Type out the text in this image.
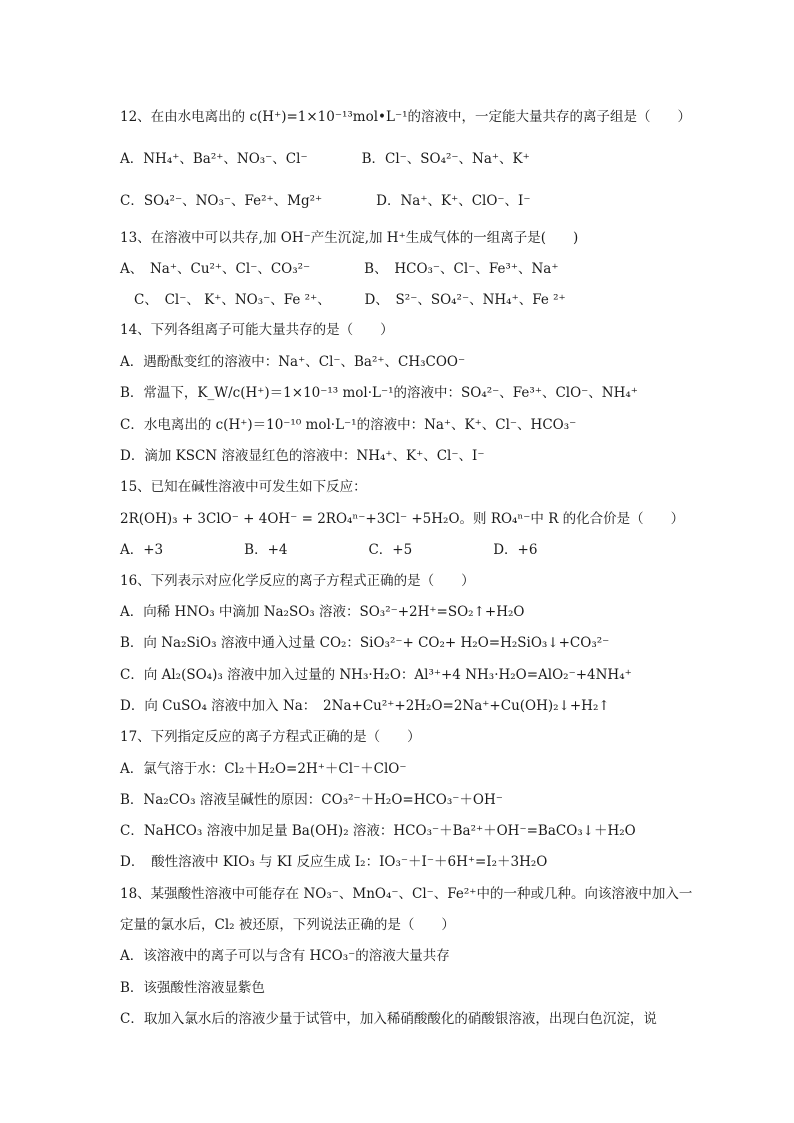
12、在由水电离出的 c(H⁺)=1×10⁻¹³mol•L⁻¹的溶液中，一定能大量共存的离子组是（　　）
A．NH₄⁺、Ba²⁺、NO₃⁻、Cl⁻　　　　B．Cl⁻、SO₄²⁻、Na⁺、K⁺
C．SO₄²⁻、NO₃⁻、Fe²⁺、Mg²⁺　　　　D．Na⁺、K⁺、ClO⁻、I⁻
13、在溶液中可以共存,加 OH⁻产生沉淀,加 H⁺生成气体的一组离子是(　　)
A、　Na⁺、Cu²⁺、Cl⁻、CO₃²⁻　　　　B、　HCO₃⁻、Cl⁻、Fe³⁺、Na⁺
C、　Cl⁻、 K⁺、NO₃⁻、Fe ²⁺、　　　D、　S²⁻、SO₄²⁻、NH₄⁺、Fe ²⁺
14、下列各组离子可能大量共存的是（　　）
A．遇酚酞变红的溶液中：Na⁺、Cl⁻、Ba²⁺、CH₃COO⁻
B．常温下，K_W/c(H⁺)＝1×10⁻¹³ mol·L⁻¹的溶液中：SO₄²⁻、Fe³⁺、ClO⁻、NH₄⁺
C．水电离出的 c(H⁺)＝10⁻¹⁰ mol·L⁻¹的溶液中：Na⁺、K⁺、Cl⁻、HCO₃⁻
D．滴加 KSCN 溶液显红色的溶液中：NH₄⁺、K⁺、Cl⁻、I⁻
15、已知在碱性溶液中可发生如下反应：
2R(OH)₃ + 3ClO⁻ + 4OH⁻ = 2RO₄ⁿ⁻+3Cl⁻ +5H₂O。则 RO₄ⁿ⁻中 R 的化合价是（　　）
A．+3　　　　　　B．+4　　　　　　C．+5　　　　　　D．+6
16、下列表示对应化学反应的离子方程式正确的是（　　）
A．向稀 HNO₃ 中滴加 Na₂SO₃ 溶液：SO₃²⁻+2H⁺=SO₂↑+H₂O
B．向 Na₂SiO₃ 溶液中通入过量 CO₂：SiO₃²⁻+ CO₂+ H₂O=H₂SiO₃↓+CO₃²⁻
C．向 Al₂(SO₄)₃ 溶液中加入过量的 NH₃·H₂O：Al³⁺+4 NH₃·H₂O=AlO₂⁻+4NH₄⁺
D．向 CuSO₄ 溶液中加入 Na：　2Na+Cu²⁺+2H₂O=2Na⁺+Cu(OH)₂↓+H₂↑
17、下列指定反应的离子方程式正确的是（　　）
A．氯气溶于水：Cl₂＋H₂O=2H⁺＋Cl⁻＋ClO⁻
B．Na₂CO₃ 溶液呈碱性的原因：CO₃²⁻＋H₂O=HCO₃⁻＋OH⁻
C．NaHCO₃ 溶液中加足量 Ba(OH)₂ 溶液：HCO₃⁻＋Ba²⁺＋OH⁻=BaCO₃↓＋H₂O
D．　酸性溶液中 KIO₃ 与 KI 反应生成 I₂：IO₃⁻＋I⁻＋6H⁺=I₂＋3H₂O
18、某强酸性溶液中可能存在 NO₃⁻、MnO₄⁻、Cl⁻、Fe²⁺中的一种或几种。向该溶液中加入一
定量的氯水后，Cl₂ 被还原，下列说法正确的是（　　）
A．该溶液中的离子可以与含有 HCO₃⁻的溶液大量共存
B．该强酸性溶液显紫色
C．取加入氯水后的溶液少量于试管中，加入稀硝酸酸化的硝酸银溶液，出现白色沉淀，说
